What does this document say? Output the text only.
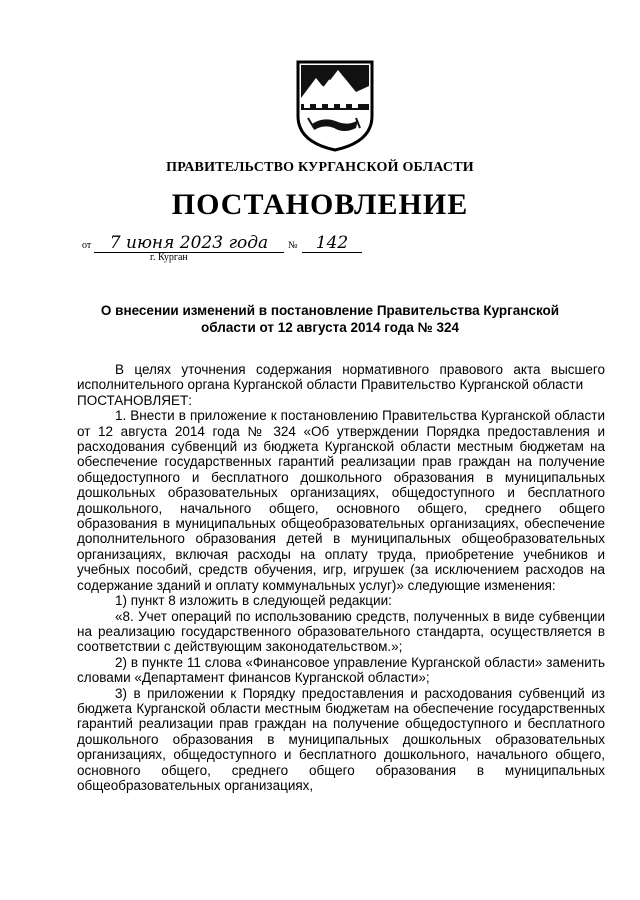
ПРАВИТЕЛЬСТВО КУРГАНСКОЙ ОБЛАСТИ
ПОСТАНОВЛЕНИЕ
от	7 июня 2023 года	№	142
г. Курган
О внесении изменений в постановление Правительства Курганской области от 12 августа 2014 года № 324

В целях уточнения содержания нормативного правового акта высшего исполнительного органа Курганской области Правительство Курганской области

ПОСТАНОВЛЯЕТ:

1. Внести в приложение к постановлению Правительства Курганской области от 12 августа 2014 года № 324 «Об утверждении Порядка предоставления и расходования субвенций из бюджета Курганской области местным бюджетам на обеспечение государственных гарантий реализации прав граждан на получение общедоступного и бесплатного дошкольного образования в муниципальных дошкольных образовательных организациях, общедоступного и бесплатного дошкольного, начального общего, основного общего, среднего общего образования в муниципальных общеобразовательных организациях, обеспечение дополнительного образования детей в муниципальных общеобразовательных организациях, включая расходы на оплату труда, приобретение учебников и учебных пособий, средств обучения, игр, игрушек (за исключением расходов на содержание зданий и оплату коммунальных услуг)» следующие изменения:

1) пункт 8 изложить в следующей редакции:

«8. Учет операций по использованию средств, полученных в виде субвенции на реализацию государственного образовательного стандарта, осуществляется в соответствии с действующим законодательством.»;

2) в пункте 11 слова «Финансовое управление Курганской области» заменить словами «Департамент финансов Курганской области»;

3) в приложении к Порядку предоставления и расходования субвенций из бюджета Курганской области местным бюджетам на обеспечение государственных гарантий реализации прав граждан на получение общедоступного и бесплатного дошкольного образования в муниципальных дошкольных образовательных организациях, общедоступного и бесплатного дошкольного, начального общего, основного общего, среднего общего образования в муниципальных общеобразовательных организациях,
